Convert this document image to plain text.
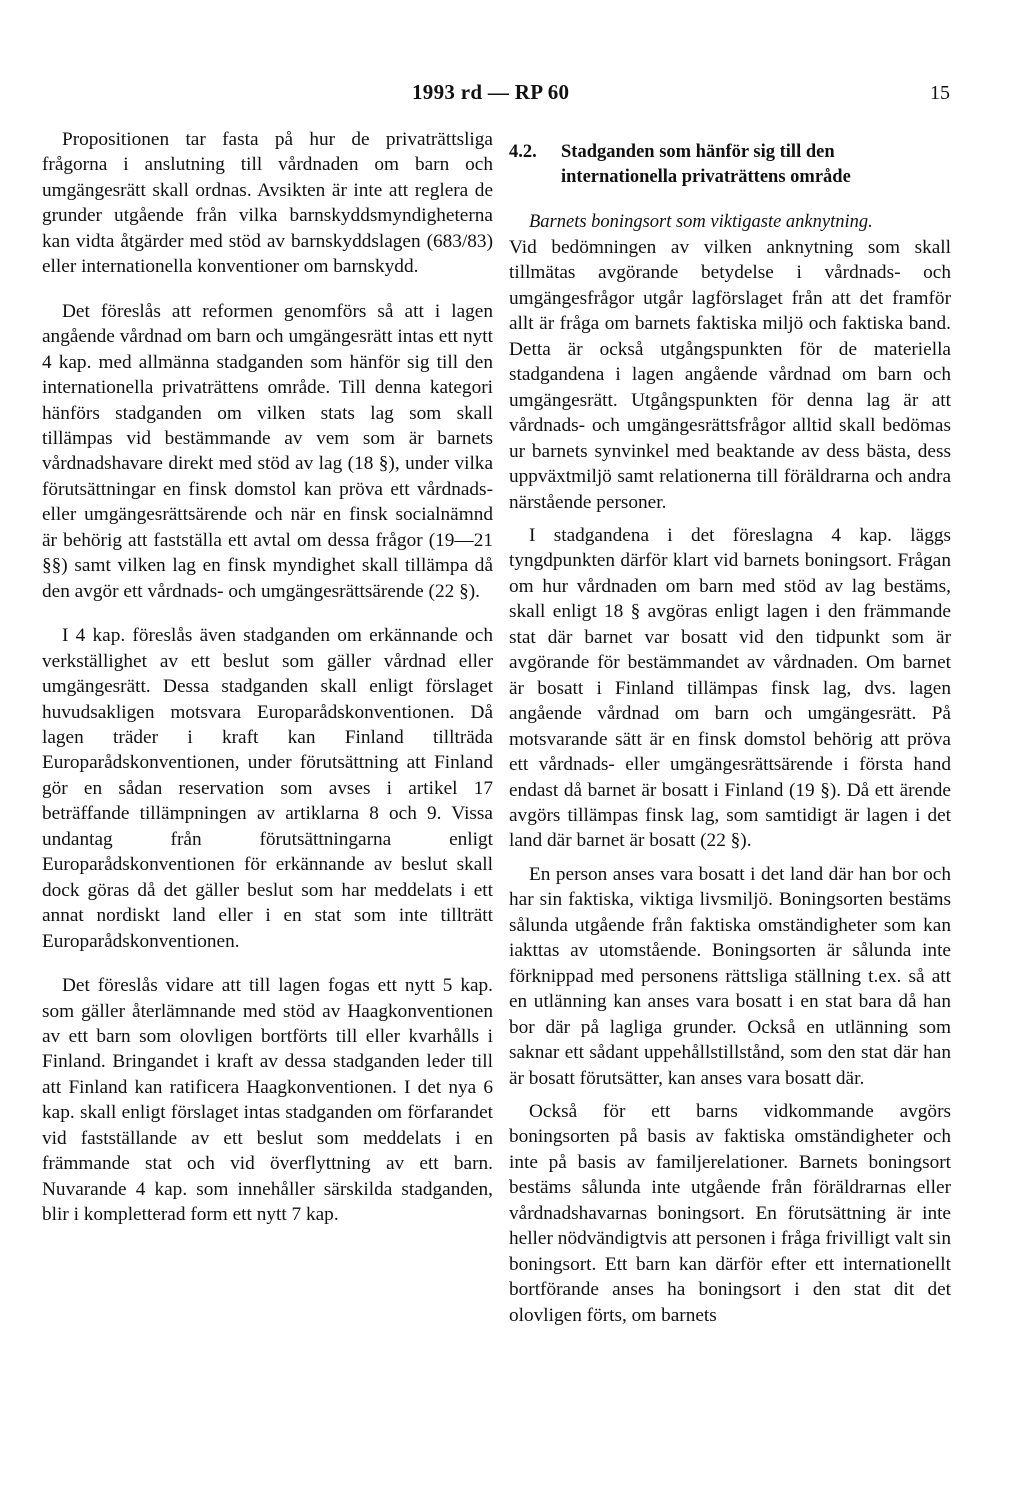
1993 rd — RP 60	15

Propositionen tar fasta på hur de privaträttsliga frågorna i anslutning till vårdnaden om barn och umgängesrätt skall ordnas. Avsikten är inte att reglera de grunder utgående från vilka barnskyddsmyndigheterna kan vidta åtgärder med stöd av barnskyddslagen (683/83) eller internationella konventioner om barnskydd.

Det föreslås att reformen genomförs så att i lagen angående vårdnad om barn och umgängesrätt intas ett nytt 4 kap. med allmänna stadganden som hänför sig till den internationella privaträttens område. Till denna kategori hänförs stadganden om vilken stats lag som skall tillämpas vid bestämmande av vem som är barnets vårdnadshavare direkt med stöd av lag (18 §), under vilka förutsättningar en finsk domstol kan pröva ett vårdnads- eller umgängesrättsärende och när en finsk socialnämnd är behörig att fastställa ett avtal om dessa frågor (19—21 §§) samt vilken lag en finsk myndighet skall tillämpa då den avgör ett vårdnads- och umgängesrättsärende (22 §).

I 4 kap. föreslås även stadganden om erkännande och verkställighet av ett beslut som gäller vårdnad eller umgängesrätt. Dessa stadganden skall enligt förslaget huvudsakligen motsvara Europarådskonventionen. Då lagen träder i kraft kan Finland tillträda Europarådskonventionen, under förutsättning att Finland gör en sådan reservation som avses i artikel 17 beträffande tillämpningen av artiklarna 8 och 9. Vissa undantag från förutsättningarna enligt Europarådskonventionen för erkännande av beslut skall dock göras då det gäller beslut som har meddelats i ett annat nordiskt land eller i en stat som inte tillträtt Europarådskonventionen.

Det föreslås vidare att till lagen fogas ett nytt 5 kap. som gäller återlämnande med stöd av Haagkonventionen av ett barn som olovligen bortförts till eller kvarhålls i Finland. Bringandet i kraft av dessa stadganden leder till att Finland kan ratificera Haagkonventionen. I det nya 6 kap. skall enligt förslaget intas stadganden om förfarandet vid fastställande av ett beslut som meddelats i en främmande stat och vid överflyttning av ett barn. Nuvarande 4 kap. som innehåller särskilda stadganden, blir i kompletterad form ett nytt 7 kap.

4.2.	Stadganden som hänför sig till den internationella privaträttens område

Barnets boningsort som viktigaste anknytning.

Vid bedömningen av vilken anknytning som skall tillmätas avgörande betydelse i vårdnads- och umgängesfrågor utgår lagförslaget från att det framför allt är fråga om barnets faktiska miljö och faktiska band. Detta är också utgångspunkten för de materiella stadgandena i lagen angående vårdnad om barn och umgängesrätt. Utgångspunkten för denna lag är att vårdnads- och umgängesrättsfrågor alltid skall bedömas ur barnets synvinkel med beaktande av dess bästa, dess uppväxtmiljö samt relationerna till föräldrarna och andra närstående personer.

I stadgandena i det föreslagna 4 kap. läggs tyngdpunkten därför klart vid barnets boningsort. Frågan om hur vårdnaden om barn med stöd av lag bestäms, skall enligt 18 § avgöras enligt lagen i den främmande stat där barnet var bosatt vid den tidpunkt som är avgörande för bestämmandet av vårdnaden. Om barnet är bosatt i Finland tillämpas finsk lag, dvs. lagen angående vårdnad om barn och umgängesrätt. På motsvarande sätt är en finsk domstol behörig att pröva ett vårdnads- eller umgängesrättsärende i första hand endast då barnet är bosatt i Finland (19 §). Då ett ärende avgörs tillämpas finsk lag, som samtidigt är lagen i det land där barnet är bosatt (22 §).

En person anses vara bosatt i det land där han bor och har sin faktiska, viktiga livsmiljö. Boningsorten bestäms sålunda utgående från faktiska omständigheter som kan iakttas av utomstående. Boningsorten är sålunda inte förknippad med personens rättsliga ställning t.ex. så att en utlänning kan anses vara bosatt i en stat bara då han bor där på lagliga grunder. Också en utlänning som saknar ett sådant uppehållstillstånd, som den stat där han är bosatt förutsätter, kan anses vara bosatt där.

Också för ett barns vidkommande avgörs boningsorten på basis av faktiska omständigheter och inte på basis av familjerelationer. Barnets boningsort bestäms sålunda inte utgående från föräldrarnas eller vårdnadshavarnas boningsort. En förutsättning är inte heller nödvändigtvis att personen i fråga frivilligt valt sin boningsort. Ett barn kan därför efter ett internationellt bortförande anses ha boningsort i den stat dit det olovligen förts, om barnets
